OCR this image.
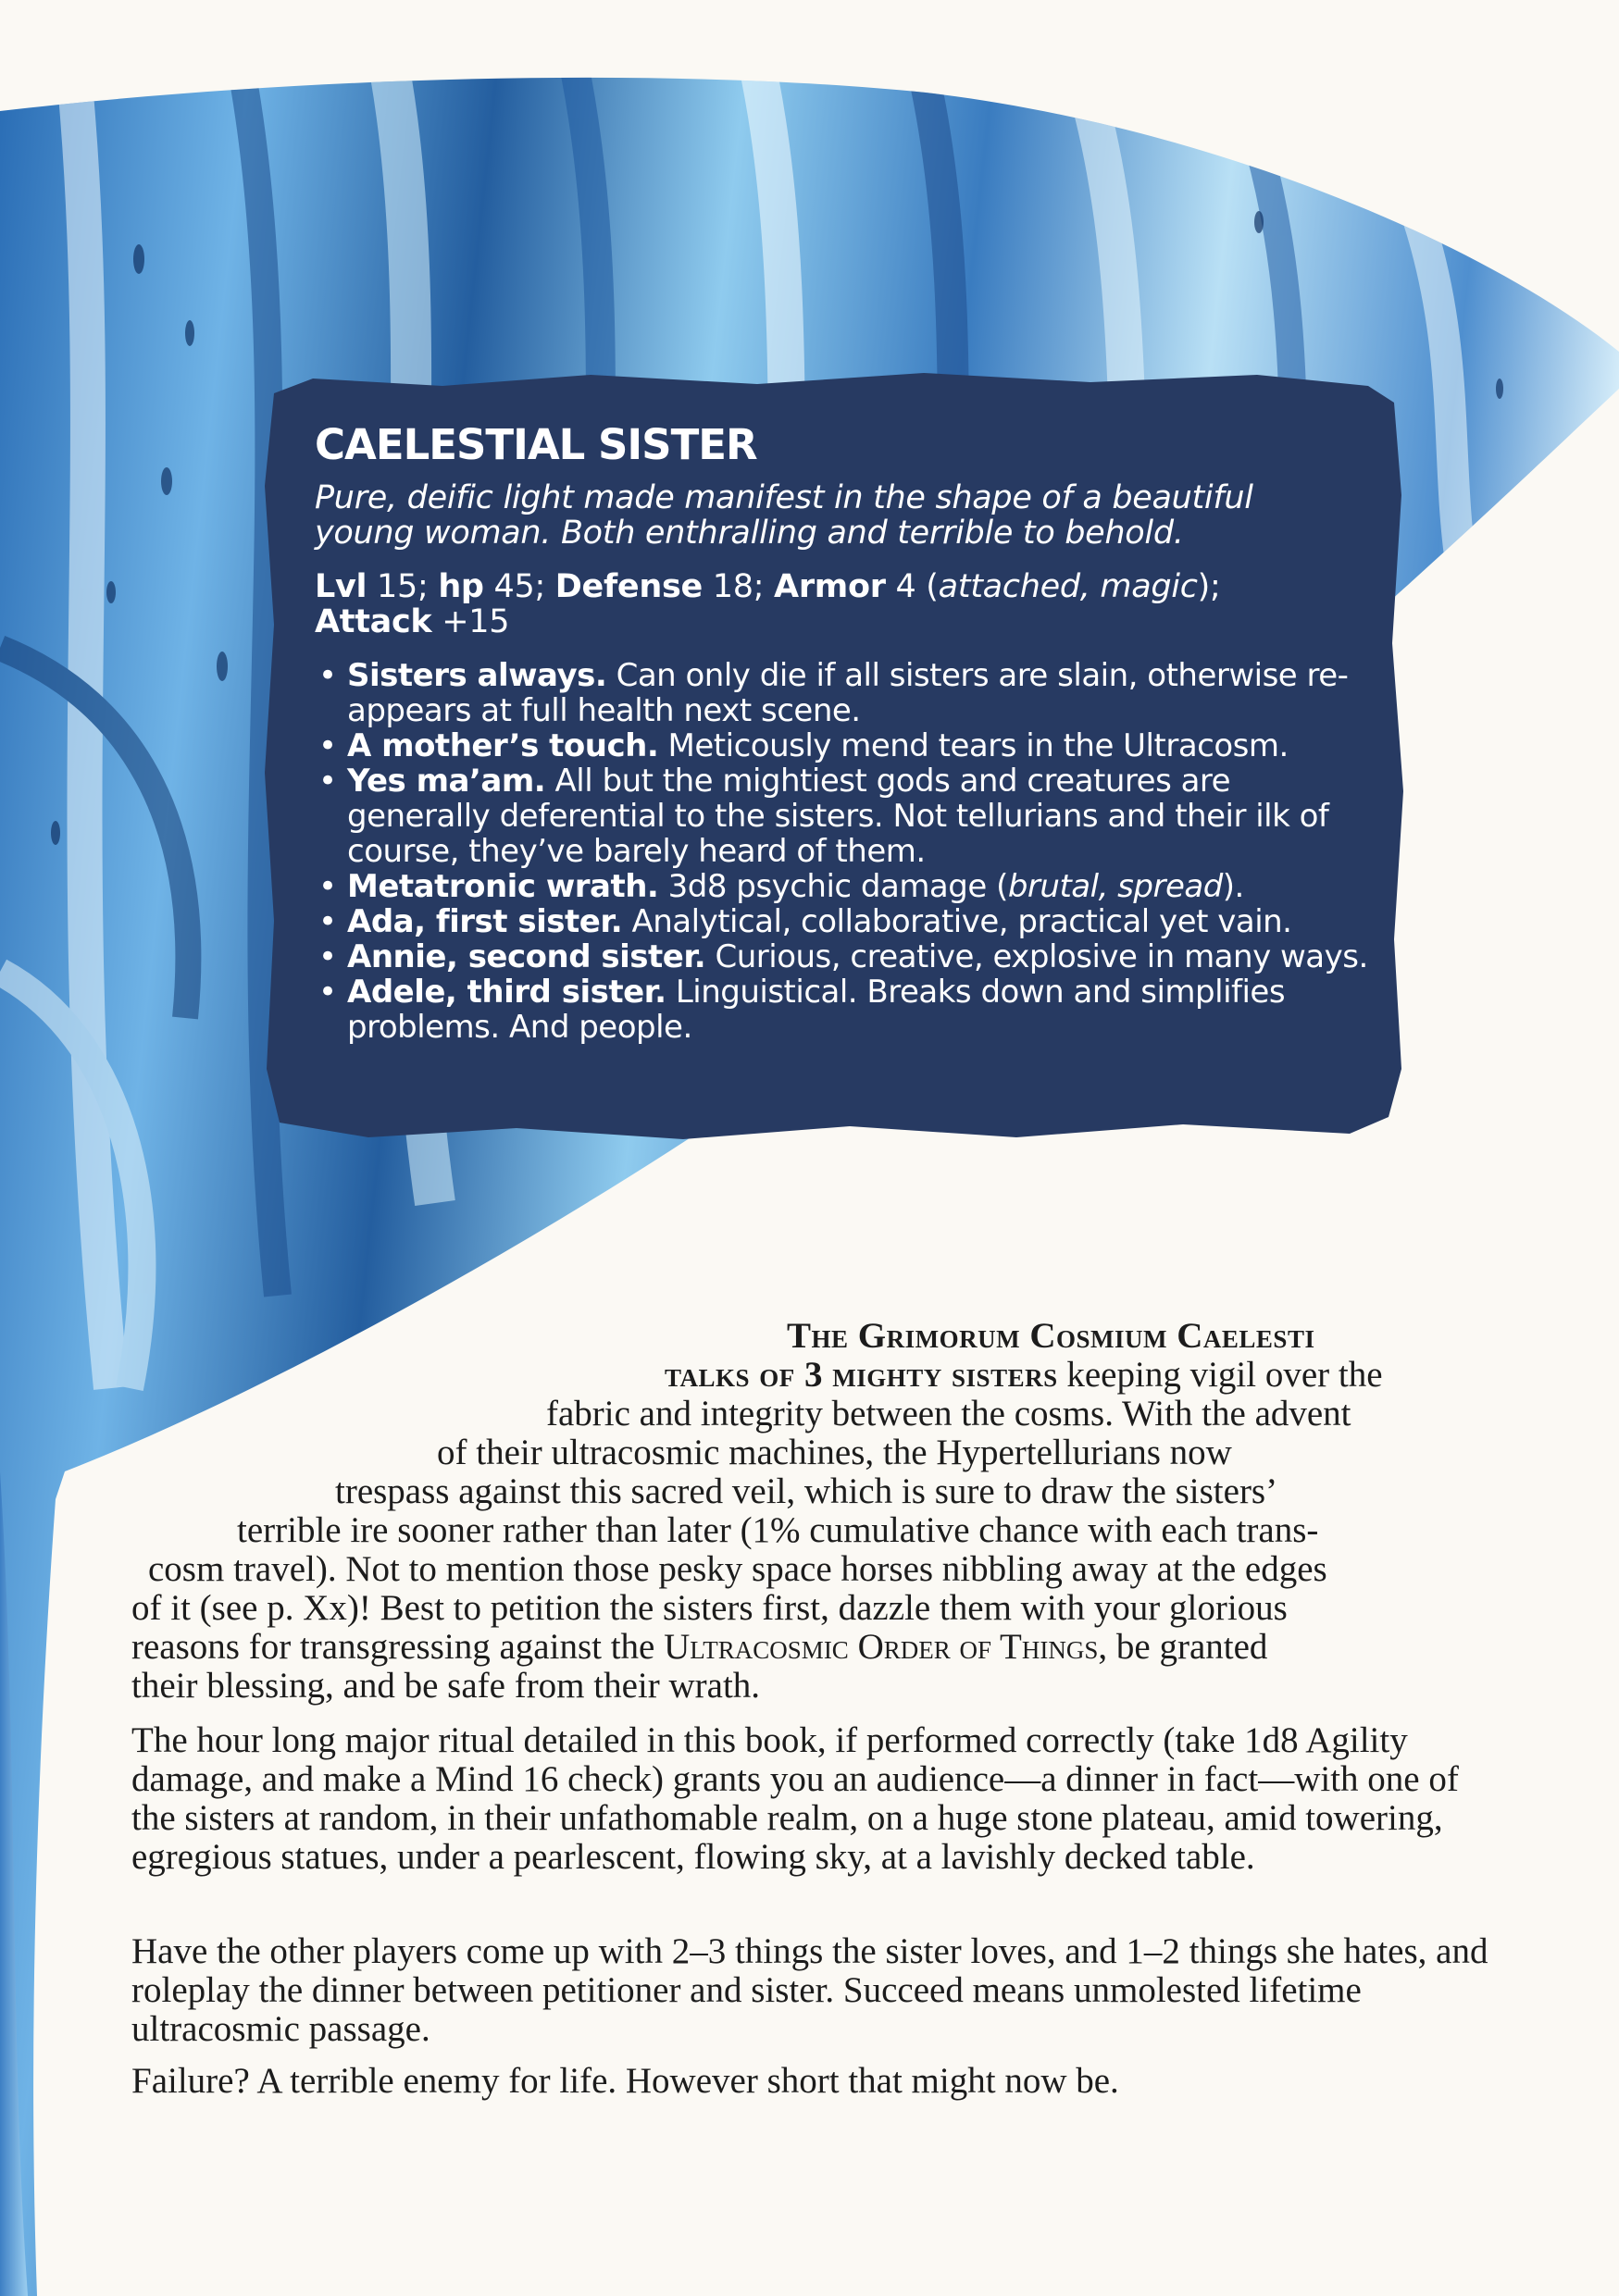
CAELESTIAL SISTER
Pure, deific light made manifest in the shape of a beautiful
young woman. Both enthralling and terrible to behold.
Lvl 15; hp 45; Defense 18; Armor 4 (attached, magic);
Attack +15
• Sisters always. Can only die if all sisters are slain, otherwise re-appears at full health next scene.
• A mother’s touch. Meticously mend tears in the Ultracosm.
• Yes ma’am. All but the mightiest gods and creatures are generally deferential to the sisters. Not tellurians and their ilk of course, they’ve barely heard of them.
• Metatronic wrath. 3d8 psychic damage (brutal, spread).
• Ada, first sister. Analytical, collaborative, practical yet vain.
• Annie, second sister. Curious, creative, explosive in many ways.
• Adele, third sister. Linguistical. Breaks down and simplifies problems. And people.
The Grimorum Cosmium Caelesti
talks of 3 mighty sisters keeping vigil over the
fabric and integrity between the cosms. With the advent
of their ultracosmic machines, the Hypertellurians now
trespass against this sacred veil, which is sure to draw the sisters’
terrible ire sooner rather than later (1% cumulative chance with each trans-
cosm travel). Not to mention those pesky space horses nibbling away at the edges
of it (see p. Xx)! Best to petition the sisters first, dazzle them with your glorious
reasons for transgressing against the Ultracosmic Order of Things, be granted
their blessing, and be safe from their wrath.

The hour long major ritual detailed in this book, if performed correctly (take 1d8 Agility damage, and make a Mind 16 check) grants you an audience—a dinner in fact—with one of the sisters at random, in their unfathomable realm, on a huge stone plateau, amid towering, egregious statues, under a pearlescent, flowing sky, at a lavishly decked table.

Have the other players come up with 2–3 things the sister loves, and 1–2 things she hates, and roleplay the dinner between petitioner and sister. Succeed means unmolested lifetime ultracosmic passage.

Failure? A terrible enemy for life. However short that might now be.
